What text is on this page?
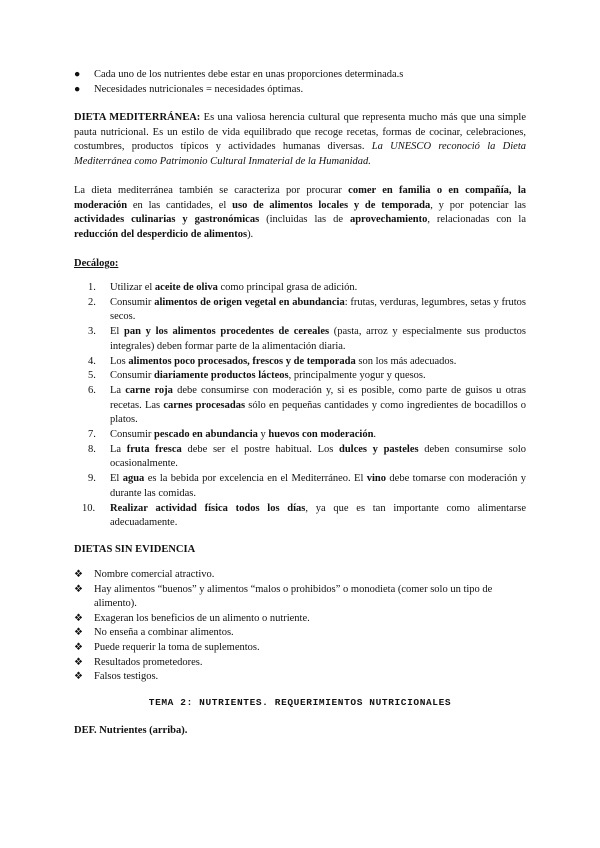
● Cada uno de los nutrientes debe estar en unas proporciones determinada.s
● Necesidades nutricionales = necesidades óptimas.

DIETA MEDITERRÁNEA: Es una valiosa herencia cultural que representa mucho más que una simple pauta nutricional. Es un estilo de vida equilibrado que recoge recetas, formas de cocinar, celebraciones, costumbres, productos típicos y actividades humanas diversas. La UNESCO reconoció la Dieta Mediterránea como Patrimonio Cultural Inmaterial de la Humanidad.

La dieta mediterránea también se caracteriza por procurar comer en familia o en compañía, la moderación en las cantidades, el uso de alimentos locales y de temporada, y por potenciar las actividades culinarias y gastronómicas (incluidas las de aprovechamiento, relacionadas con la reducción del desperdicio de alimentos).

Decálogo:
1. Utilizar el aceite de oliva como principal grasa de adición.
2. Consumir alimentos de origen vegetal en abundancia: frutas, verduras, legumbres, setas y frutos secos.
3. El pan y los alimentos procedentes de cereales (pasta, arroz y especialmente sus productos integrales) deben formar parte de la alimentación diaria.
4. Los alimentos poco procesados, frescos y de temporada son los más adecuados.
5. Consumir diariamente productos lácteos, principalmente yogur y quesos.
6. La carne roja debe consumirse con moderación y, si es posible, como parte de guisos u otras recetas. Las carnes procesadas sólo en pequeñas cantidades y como ingredientes de bocadillos o platos.
7. Consumir pescado en abundancia y huevos con moderación.
8. La fruta fresca debe ser el postre habitual. Los dulces y pasteles deben consumirse solo ocasionalmente.
9. El agua es la bebida por excelencia en el Mediterráneo. El vino debe tomarse con moderación y durante las comidas.
10. Realizar actividad física todos los días, ya que es tan importante como alimentarse adecuadamente.
DIETAS SIN EVIDENCIA
❖ Nombre comercial atractivo.
❖ Hay alimentos “buenos” y alimentos “malos o prohibidos” o monodieta (comer solo un tipo de alimento).
❖ Exageran los beneficios de un alimento o nutriente.
❖ No enseña a combinar alimentos.
❖ Puede requerir la toma de suplementos.
❖ Resultados prometedores.
❖ Falsos testigos.
TEMA 2: NUTRIENTES. REQUERIMIENTOS NUTRICIONALES
DEF. Nutrientes (arriba).
